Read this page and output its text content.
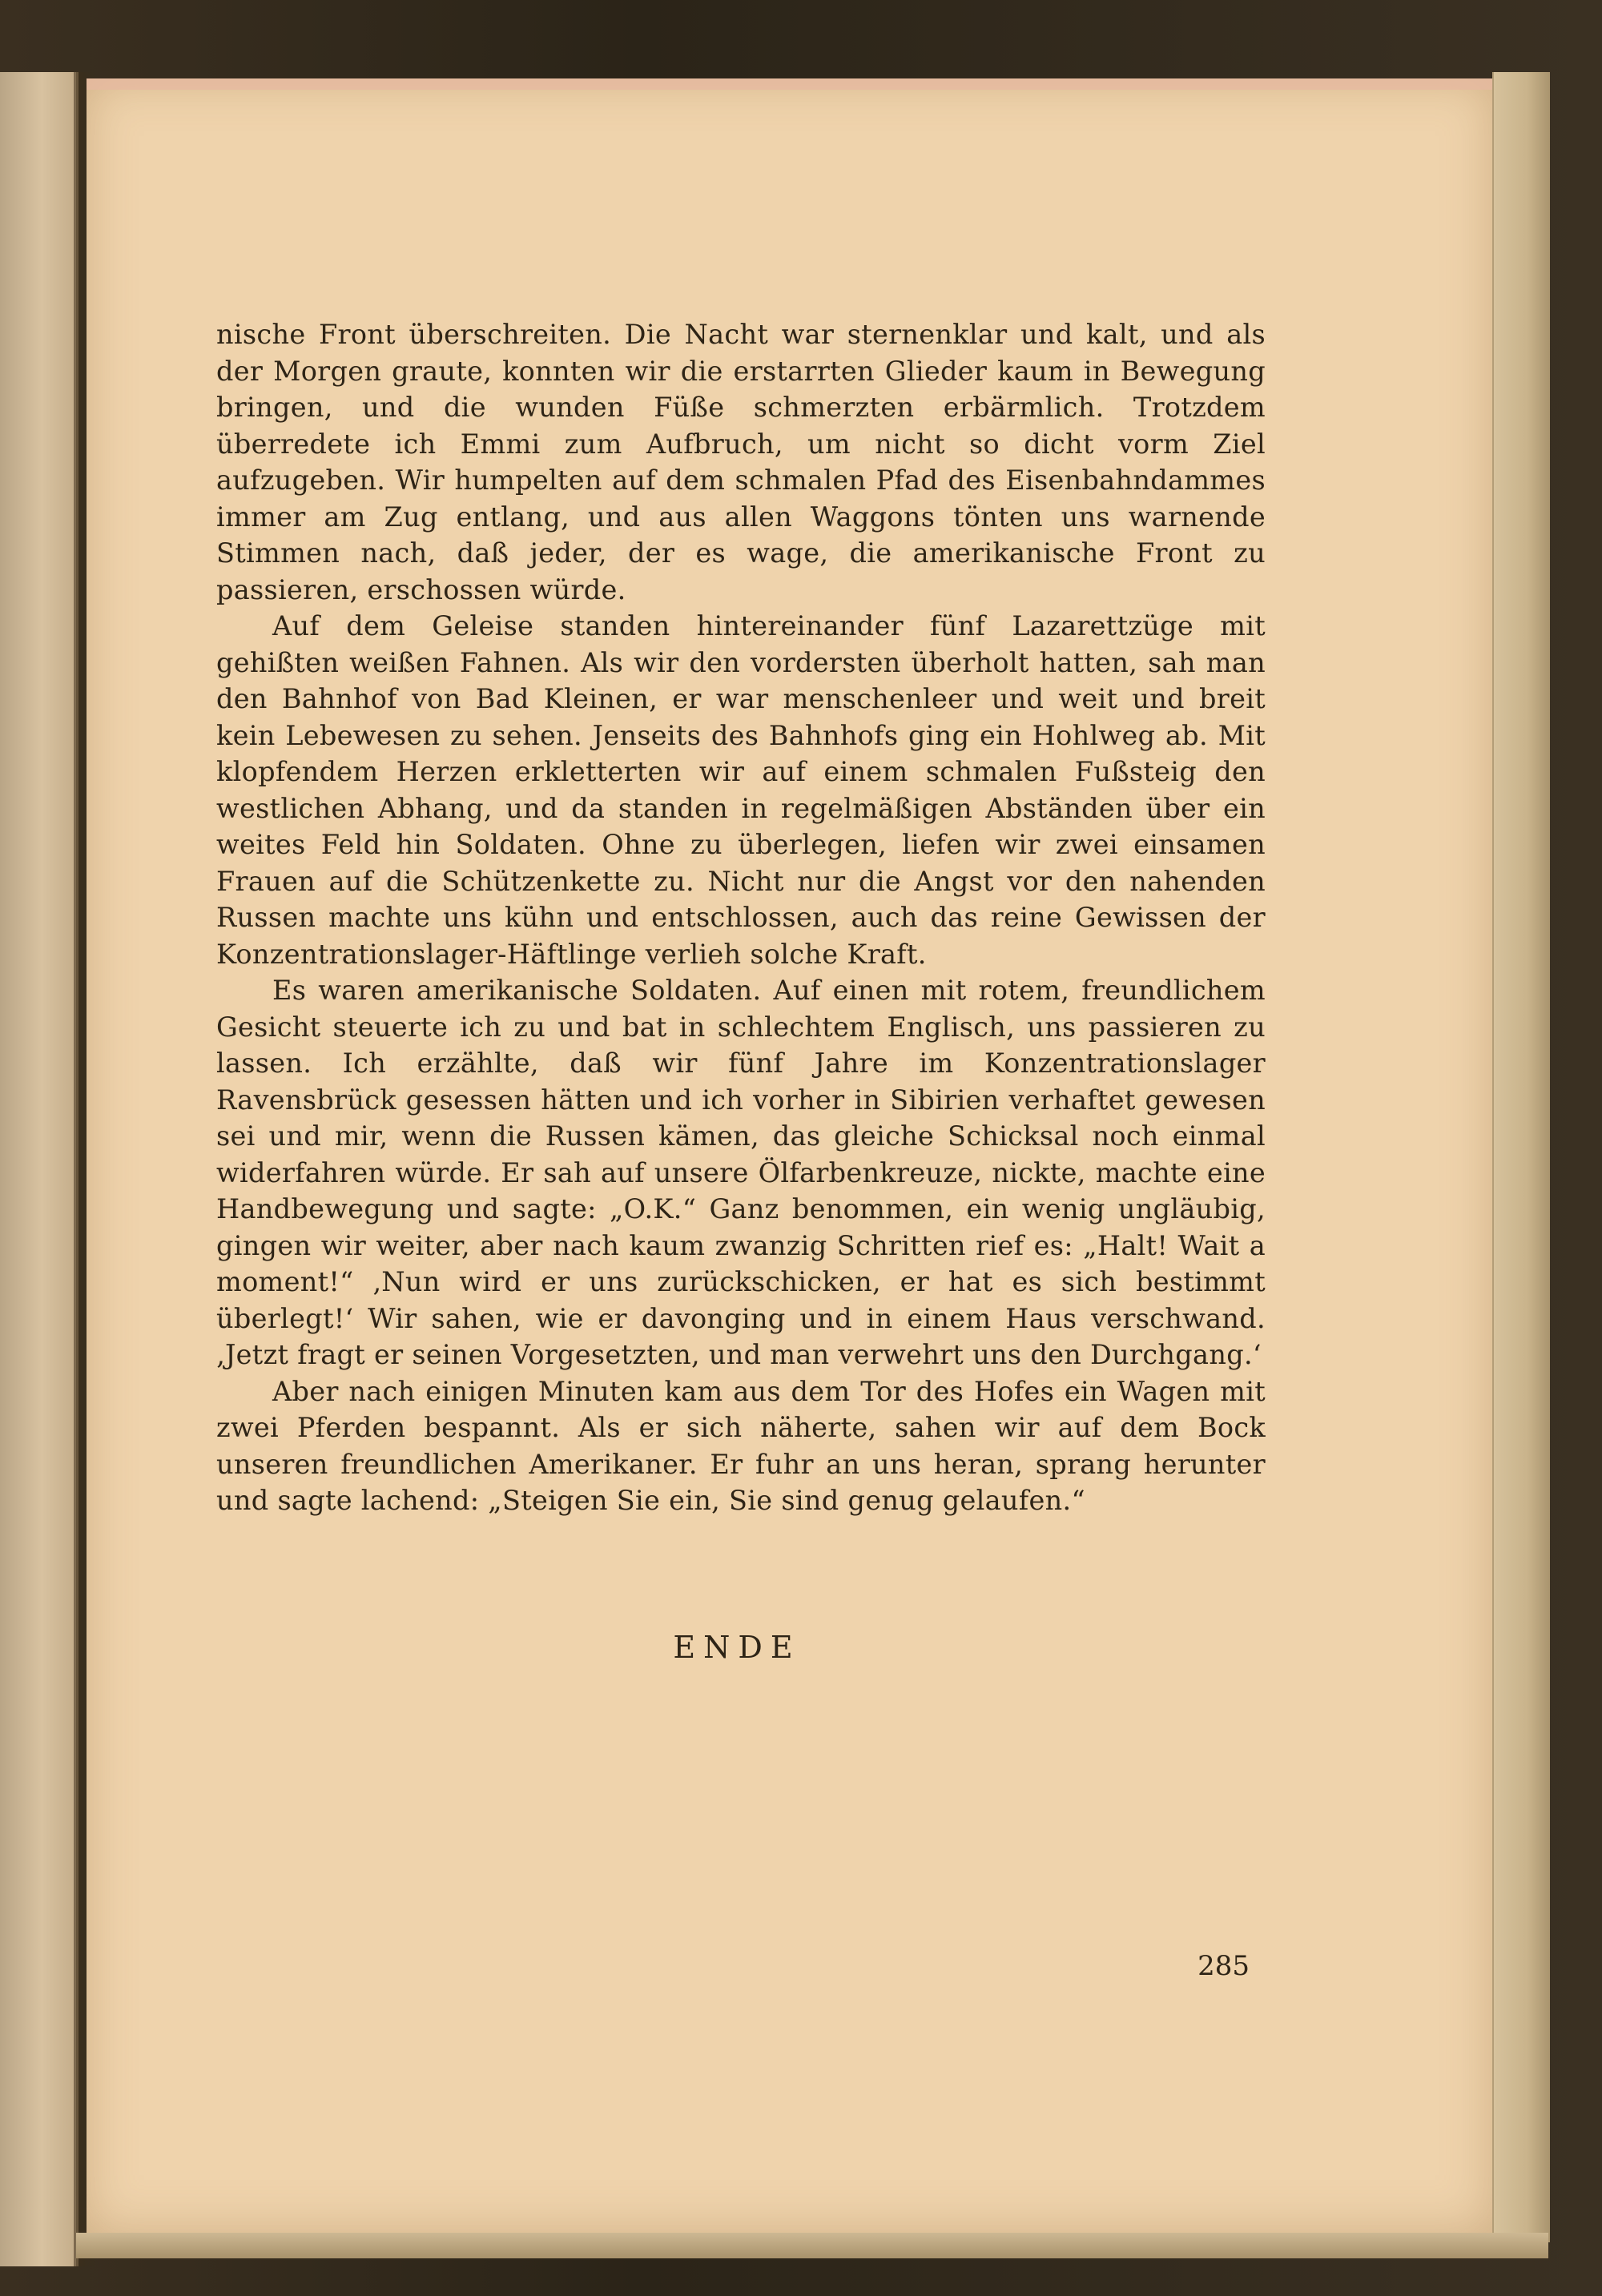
nische Front überschreiten. Die Nacht war sternenklar und kalt, und als der Morgen graute, konnten wir die erstarrten Glieder kaum in Bewegung bringen, und die wunden Füße schmerzten erbärmlich. Trotzdem überredete ich Emmi zum Aufbruch, um nicht so dicht vorm Ziel aufzugeben. Wir humpelten auf dem schmalen Pfad des Eisenbahndammes immer am Zug entlang, und aus allen Waggons tönten uns warnende Stimmen nach, daß jeder, der es wage, die amerikanische Front zu passieren, erschossen würde.

Auf dem Geleise standen hintereinander fünf Lazarettzüge mit gehißten weißen Fahnen. Als wir den vordersten überholt hatten, sah man den Bahnhof von Bad Kleinen, er war menschenleer und weit und breit kein Lebewesen zu sehen. Jenseits des Bahnhofs ging ein Hohlweg ab. Mit klopfendem Herzen erkletterten wir auf einem schmalen Fußsteig den westlichen Abhang, und da standen in regelmäßigen Abständen über ein weites Feld hin Soldaten. Ohne zu überlegen, liefen wir zwei einsamen Frauen auf die Schützenkette zu. Nicht nur die Angst vor den nahenden Russen machte uns kühn und entschlossen, auch das reine Gewissen der Konzentrationslager-Häftlinge verlieh solche Kraft.

Es waren amerikanische Soldaten. Auf einen mit rotem, freundlichem Gesicht steuerte ich zu und bat in schlechtem Englisch, uns passieren zu lassen. Ich erzählte, daß wir fünf Jahre im Konzentrationslager Ravensbrück gesessen hätten und ich vorher in Sibirien verhaftet gewesen sei und mir, wenn die Russen kämen, das gleiche Schicksal noch einmal widerfahren würde. Er sah auf unsere Ölfarbenkreuze, nickte, machte eine Handbewegung und sagte: „O.K.“ Ganz benommen, ein wenig ungläubig, gingen wir weiter, aber nach kaum zwanzig Schritten rief es: „Halt! Wait a moment!“ ‚Nun wird er uns zurückschicken, er hat es sich bestimmt überlegt!‘ Wir sahen, wie er davonging und in einem Haus verschwand. ‚Jetzt fragt er seinen Vorgesetzten, und man verwehrt uns den Durchgang.‘

Aber nach einigen Minuten kam aus dem Tor des Hofes ein Wagen mit zwei Pferden bespannt. Als er sich näherte, sahen wir auf dem Bock unseren freundlichen Amerikaner. Er fuhr an uns heran, sprang herunter und sagte lachend: „Steigen Sie ein, Sie sind genug gelaufen.“

ENDE
285
